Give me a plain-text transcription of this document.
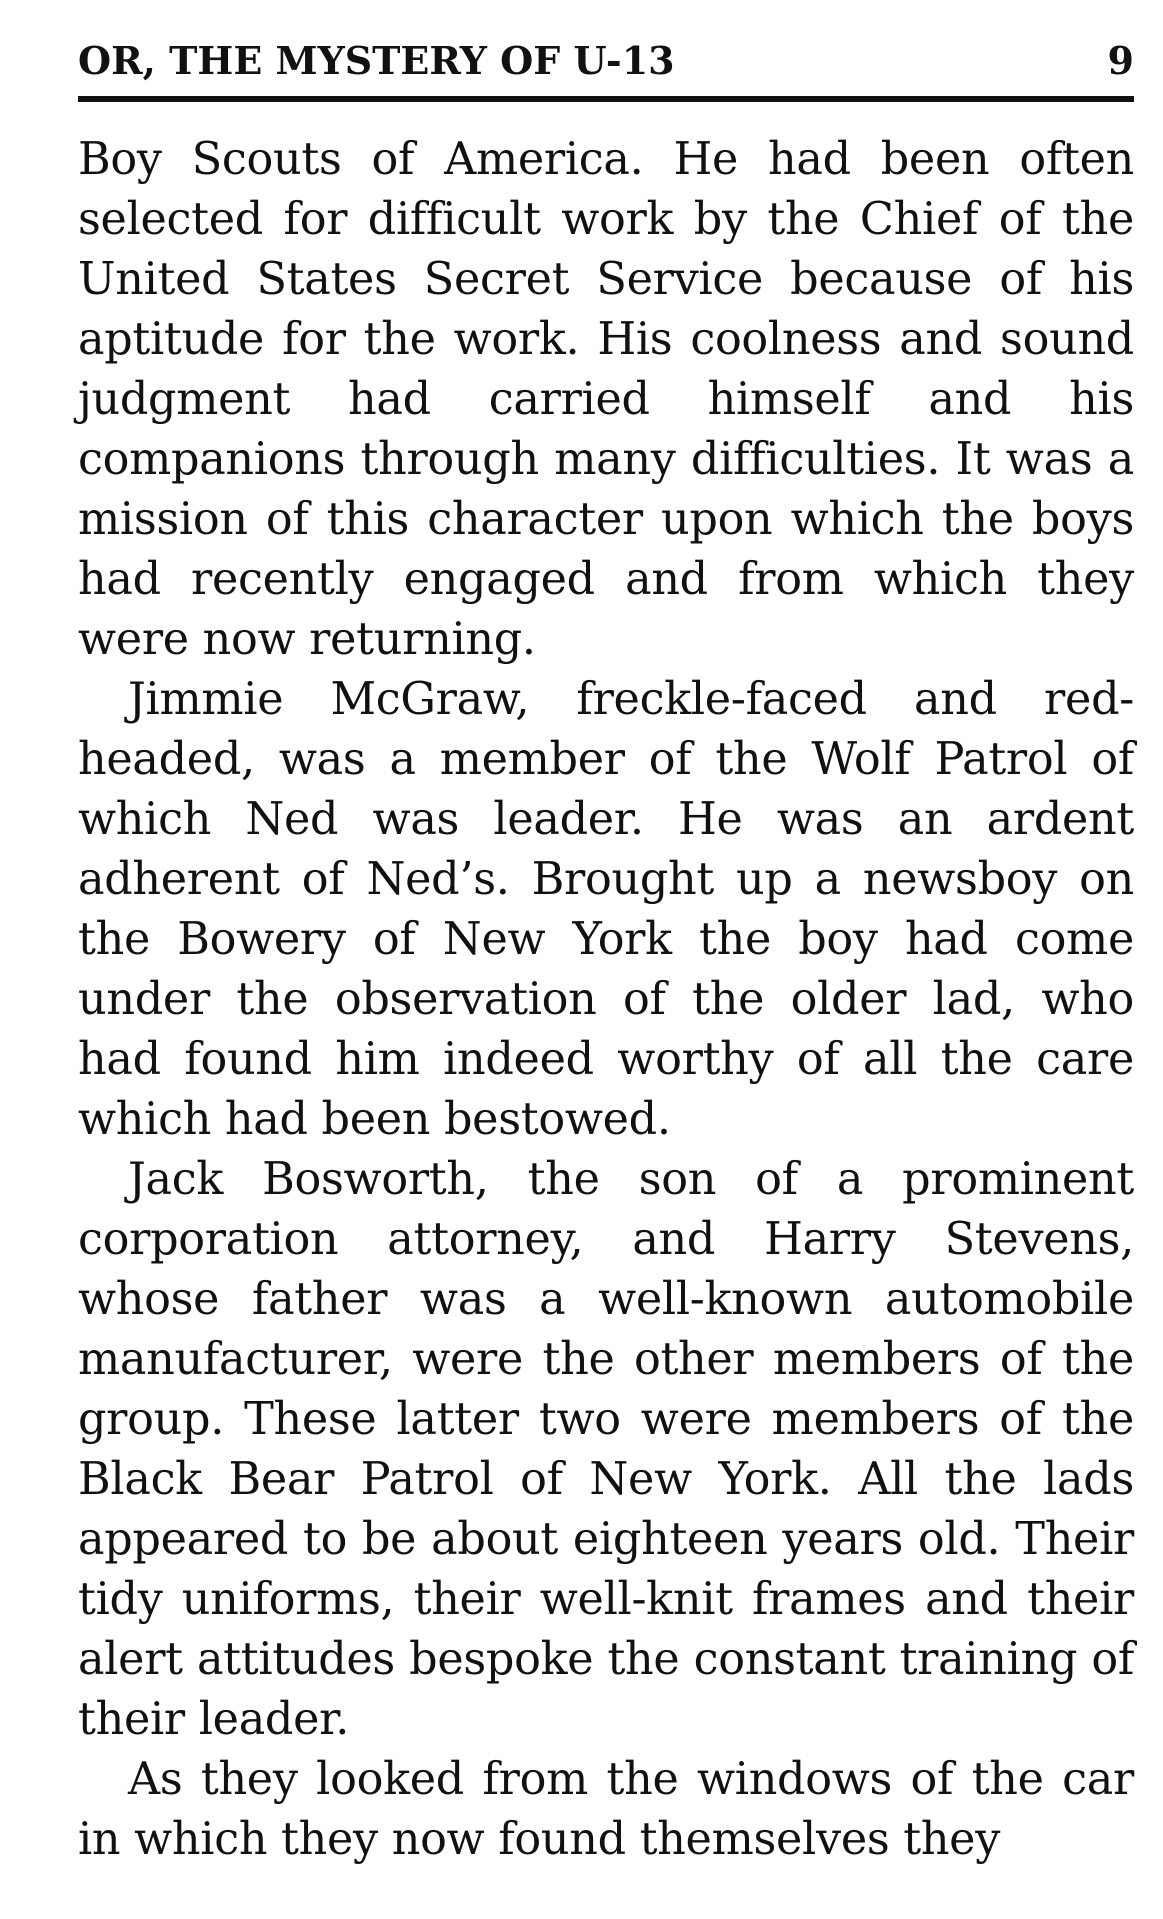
OR, THE MYSTERY OF U-13	9

Boy Scouts of America. He had been often selected for difficult work by the Chief of the United States Secret Service because of his aptitude for the work. His coolness and sound judgment had carried himself and his companions through many difficulties. It was a mission of this character upon which the boys had recently engaged and from which they were now returning.

Jimmie McGraw, freckle-faced and red-headed, was a member of the Wolf Patrol of which Ned was leader. He was an ardent adherent of Ned’s. Brought up a newsboy on the Bowery of New York the boy had come under the observation of the older lad, who had found him indeed worthy of all the care which had been bestowed.

Jack Bosworth, the son of a prominent corporation attorney, and Harry Stevens, whose father was a well-known automobile manufacturer, were the other members of the group. These latter two were members of the Black Bear Patrol of New York. All the lads appeared to be about eighteen years old. Their tidy uniforms, their well-knit frames and their alert attitudes bespoke the constant training of their leader.

As they looked from the windows of the car in which they now found themselves they
